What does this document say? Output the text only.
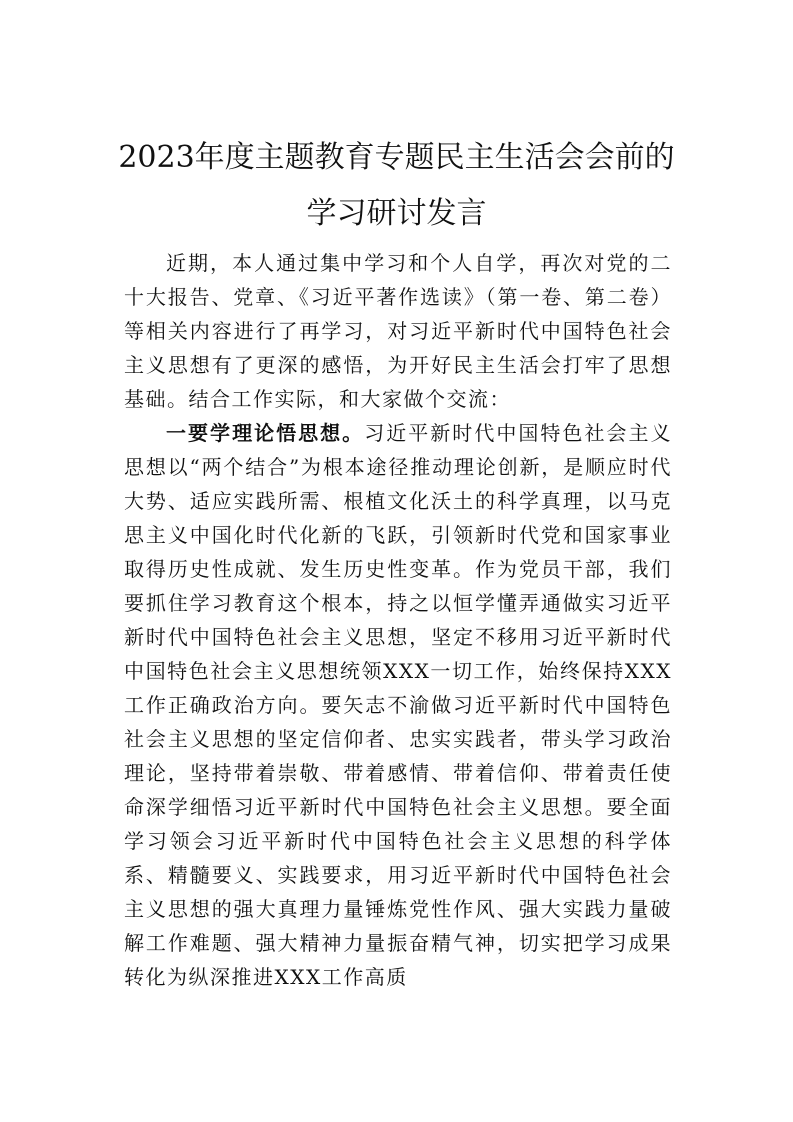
2023年度主题教育专题民主生活会会前的
学习研讨发言

近期，本人通过集中学习和个人自学，再次对党的二十大报告、党章、《习近平著作选读》（第一卷、第二卷）等相关内容进行了再学习，对习近平新时代中国特色社会主义思想有了更深的感悟，为开好民主生活会打牢了思想基础。结合工作实际，和大家做个交流：

一要学理论悟思想。习近平新时代中国特色社会主义思想以“两个结合”为根本途径推动理论创新，是顺应时代大势、适应实践所需、根植文化沃土的科学真理，以马克思主义中国化时代化新的飞跃，引领新时代党和国家事业取得历史性成就、发生历史性变革。作为党员干部，我们要抓住学习教育这个根本，持之以恒学懂弄通做实习近平新时代中国特色社会主义思想，坚定不移用习近平新时代中国特色社会主义思想统领XXX一切工作，始终保持XXX工作正确政治方向。要矢志不渝做习近平新时代中国特色社会主义思想的坚定信仰者、忠实实践者，带头学习政治理论，坚持带着崇敬、带着感情、带着信仰、带着责任使命深学细悟习近平新时代中国特色社会主义思想。要全面学习领会习近平新时代中国特色社会主义思想的科学体系、精髓要义、实践要求，用习近平新时代中国特色社会主义思想的强大真理力量锤炼党性作风、强大实践力量破解工作难题、强大精神力量振奋精气神，切实把学习成果转化为纵深推进XXX工作高质
